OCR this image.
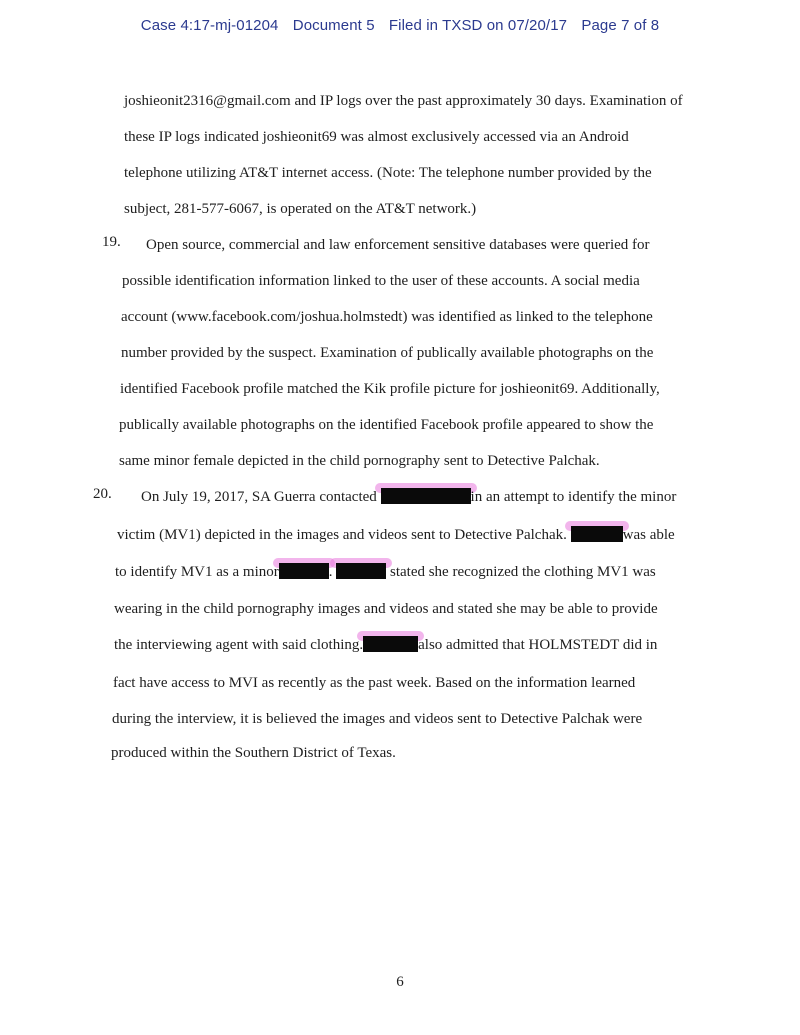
Case 4:17-mj-01204 Document 5 Filed in TXSD on 07/20/17 Page 7 of 8
joshieonit2316@gmail.com and IP logs over the past approximately 30 days. Examination of
these IP logs indicated joshieonit69 was almost exclusively accessed via an Android
telephone utilizing AT&T internet access. (Note: The telephone number provided by the
subject, 281-577-6067, is operated on the AT&T network.)
19. Open source, commercial and law enforcement sensitive databases were queried for
possible identification information linked to the user of these accounts. A social media
account (www.facebook.com/joshua.holmstedt) was identified as linked to the telephone
number provided by the suspect. Examination of publically available photographs on the
identified Facebook profile matched the Kik profile picture for joshieonit69. Additionally,
publically available photographs on the identified Facebook profile appeared to show the
same minor female depicted in the child pornography sent to Detective Palchak.
20. On July 19, 2017, SA Guerra contacted	in an attempt to identify the minor
victim (MV1) depicted in the images and videos sent to Detective Palchak.	was able
to identify MV1 as a minor	.	stated she recognized the clothing MV1 was
wearing in the child pornography images and videos and stated she may be able to provide
the interviewing agent with said clothing.	also admitted that HOLMSTEDT did in
fact have access to MVI as recently as the past week. Based on the information learned
during the interview, it is believed the images and videos sent to Detective Palchak were
produced within the Southern District of Texas.
6
